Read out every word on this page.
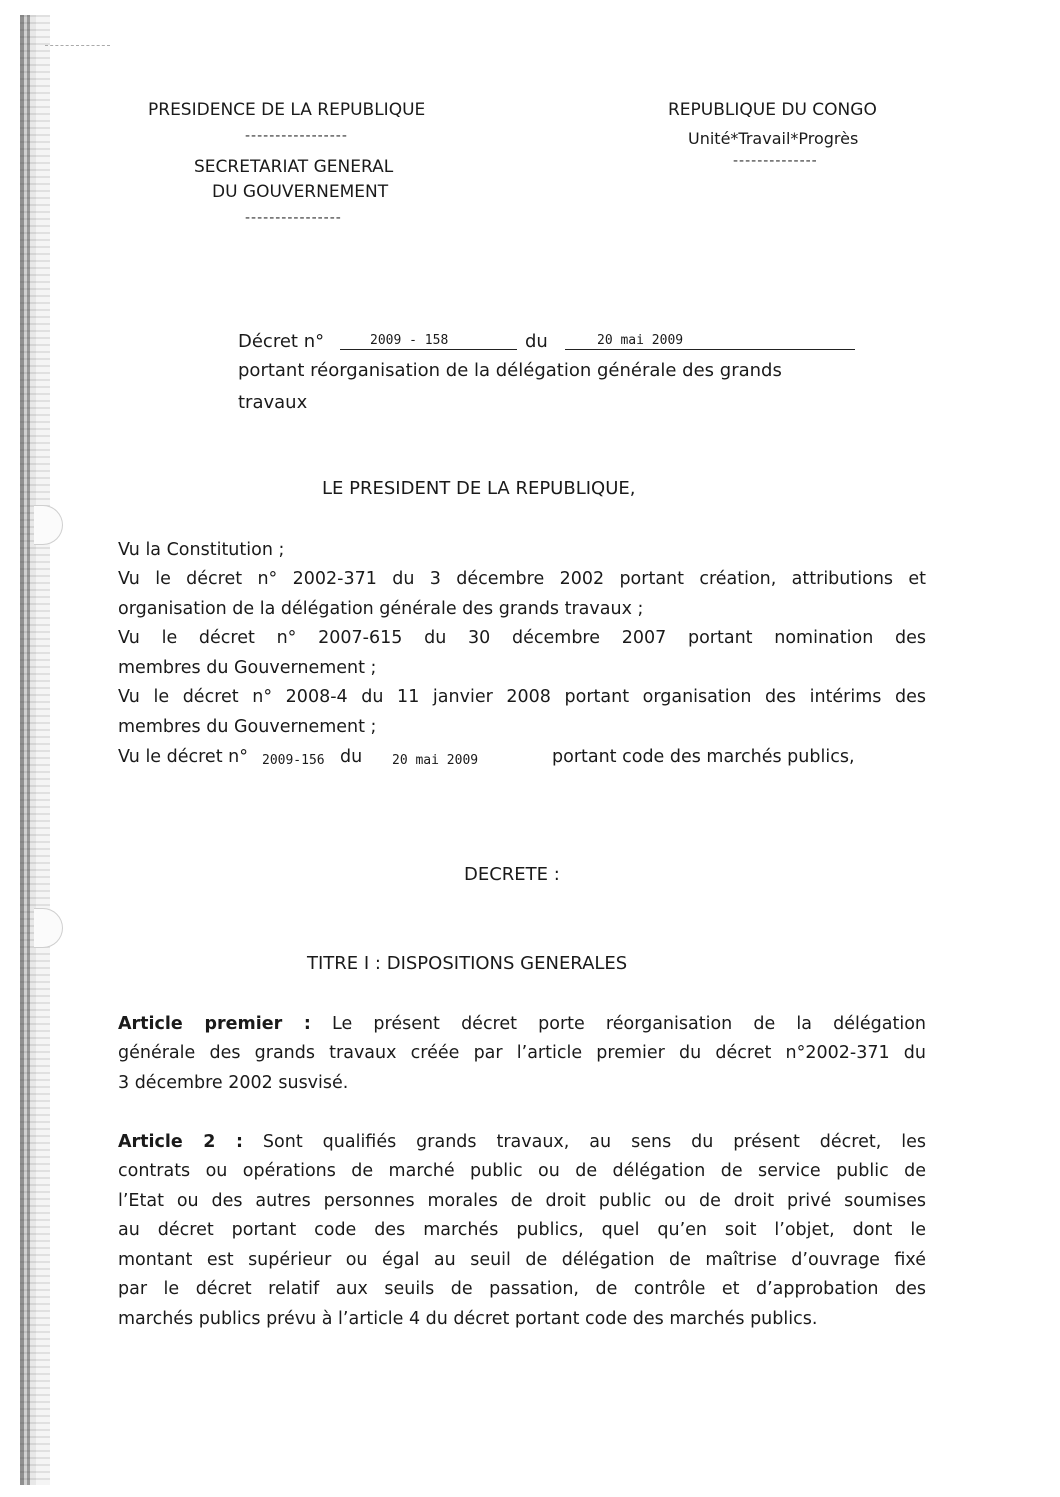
PRESIDENCE DE LA REPUBLIQUE
-----------------
SECRETARIAT GENERAL
DU GOUVERNEMENT
----------------
REPUBLIQUE DU CONGO
Unité*Travail*Progrès
--------------
Décret n°	2009 - 158	du	20 mai 2009
portant réorganisation de la délégation générale des grands
travaux
LE PRESIDENT DE LA REPUBLIQUE,
Vu la Constitution ;
Vu le décret n° 2002-371 du 3 décembre 2002 portant création, attributions et
organisation de la délégation générale des grands travaux ;
Vu le décret n° 2007-615 du 30 décembre 2007 portant nomination des
membres du Gouvernement ;
Vu le décret n° 2008-4 du 11 janvier 2008 portant organisation des intérims des
membres du Gouvernement ;
Vu le décret n° 2009-156 du 20 mai 2009	portant code des marchés publics,
DECRETE :
TITRE I : DISPOSITIONS GENERALES
Article premier : Le présent décret porte réorganisation de la délégation
générale des grands travaux créée par l’article premier du décret n°2002-371 du
3 décembre 2002 susvisé.
Article 2 : Sont qualifiés grands travaux, au sens du présent décret, les
contrats ou opérations de marché public ou de délégation de service public de
l’Etat ou des autres personnes morales de droit public ou de droit privé soumises
au décret portant code des marchés publics, quel qu’en soit l’objet, dont le
montant est supérieur ou égal au seuil de délégation de maîtrise d’ouvrage fixé
par le décret relatif aux seuils de passation, de contrôle et d’approbation des
marchés publics prévu à l’article 4 du décret portant code des marchés publics.
